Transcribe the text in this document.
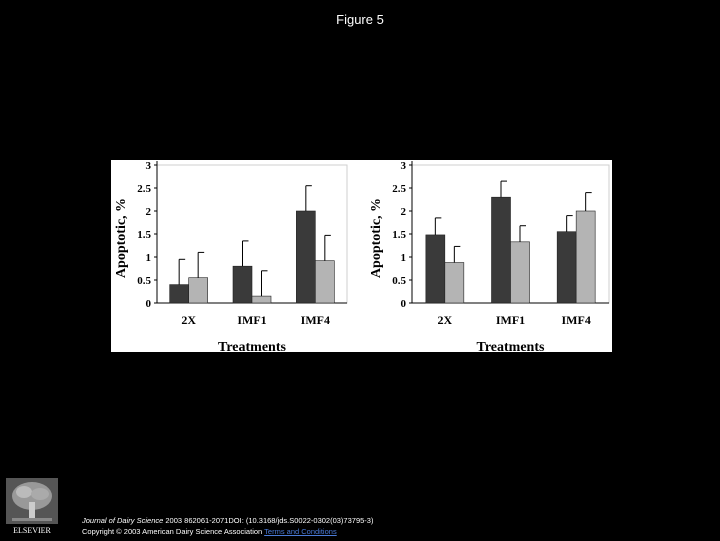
Figure 5
0
0.5
1
1.5
2
2.5
3
Apoptotic, %
2X	IMF1	IMF4
Treatments
0
0.5
1
1.5
2
2.5
3
Apoptotic, %
2X	IMF1	IMF4
Treatments
ELSEVIER
Journal of Dairy Science 2003 862061-2071DOI: (10.3168/jds.S0022-0302(03)73795-3)
Copyright © 2003 American Dairy Science Association Terms and Conditions
